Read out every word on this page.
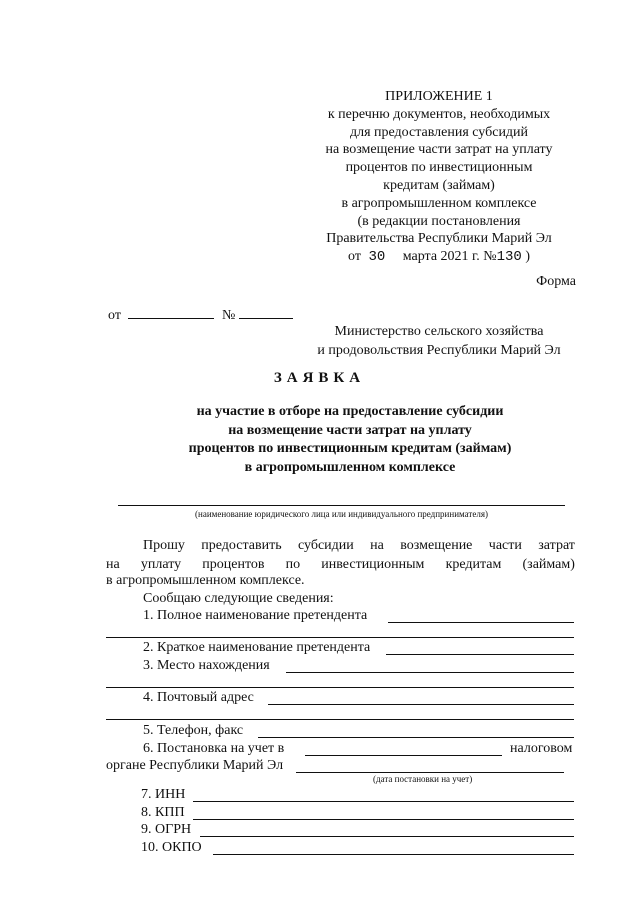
ПРИЛОЖЕНИЕ 1
к перечню документов, необходимых
для предоставления субсидий
на возмещение части затрат на уплату
процентов по инвестиционным
кредитам (займам)
в агропромышленном комплексе
(в редакции постановления
Правительства Республики Марий Эл
от 30 марта 2021 г. №130 )
Форма
от	№
Министерство сельского хозяйства
и продовольствия Республики Марий Эл
ЗАЯВКА
на участие в отборе на предоставление субсидии
на возмещение части затрат на уплату
процентов по инвестиционным кредитам (займам)
в агропромышленном комплексе
(наименование юридического лица или индивидуального предпринимателя)
Прошу предоставить субсидии на возмещение части затрат
на уплату процентов по инвестиционным кредитам (займам)
в агропромышленном комплексе.
Сообщаю следующие сведения:
1. Полное наименование претендента
2. Краткое наименование претендента
3. Место нахождения
4. Почтовый адрес
5. Телефон, факс
6. Постановка на учет в	налоговом
органе Республики Марий Эл
(дата постановки на учет)
7. ИНН
8. КПП
9. ОГРН
10. ОКПО
